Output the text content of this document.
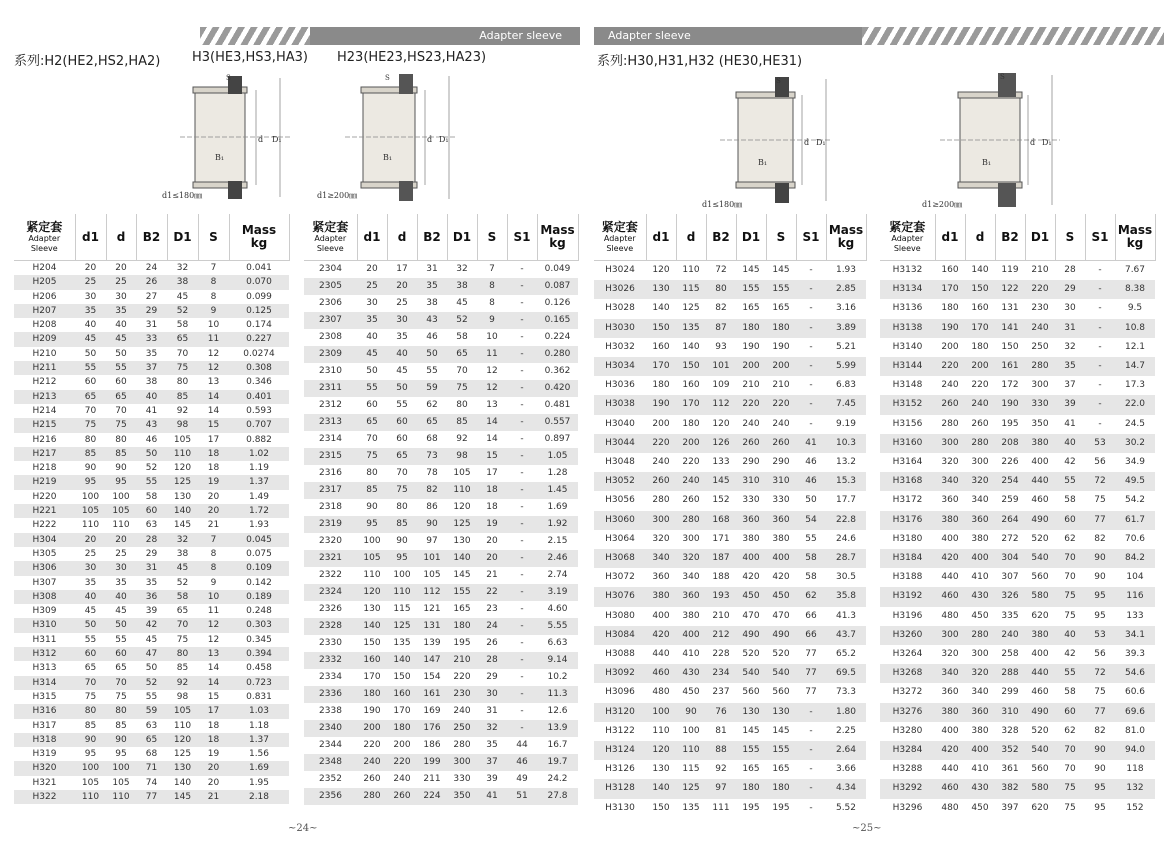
Adapter sleeve	Adapter sleeve
系列:H2(HE2,HS2,HA2) H3(HE3,HS3,HA3) H23(HE23,HS23,HA23)	系列:H30,H31,H32 (HE30,HE31)
d D₁
B₁
S
d1≤180㎜
d D₁
B₁
S
d1≥200㎜
d D₁
B₁
S
d1≤180㎜
d D₁
B₁
S
d1≥200㎜
紧定套
Adapter
Sleeve	d1	d	B2	D1	S	Mass
kg
H204	20	20	24	32	7	0.041
H205	25	25	26	38	8	0.070
H206	30	30	27	45	8	0.099
H207	35	35	29	52	9	0.125
H208	40	40	31	58	10	0.174
H209	45	45	33	65	11	0.227
H210	50	50	35	70	12	0.0274
H211	55	55	37	75	12	0.308
H212	60	60	38	80	13	0.346
H213	65	65	40	85	14	0.401
H214	70	70	41	92	14	0.593
H215	75	75	43	98	15	0.707
H216	80	80	46	105	17	0.882
H217	85	85	50	110	18	1.02
H218	90	90	52	120	18	1.19
H219	95	95	55	125	19	1.37
H220	100	100	58	130	20	1.49
H221	105	105	60	140	20	1.72
H222	110	110	63	145	21	1.93
H304	20	20	28	32	7	0.045
H305	25	25	29	38	8	0.075
H306	30	30	31	45	8	0.109
H307	35	35	35	52	9	0.142
H308	40	40	36	58	10	0.189
H309	45	45	39	65	11	0.248
H310	50	50	42	70	12	0.303
H311	55	55	45	75	12	0.345
H312	60	60	47	80	13	0.394
H313	65	65	50	85	14	0.458
H314	70	70	52	92	14	0.723
H315	75	75	55	98	15	0.831
H316	80	80	59	105	17	1.03
H317	85	85	63	110	18	1.18
H318	90	90	65	120	18	1.37
H319	95	95	68	125	19	1.56
H320	100	100	71	130	20	1.69
H321	105	105	74	140	20	1.95
H322	110	110	77	145	21	2.18
紧定套
Adapter
Sleeve	d1	d	B2	D1	S	S1	Mass
kg
2304	20	17	31	32	7	-	0.049
2305	25	20	35	38	8	-	0.087
2306	30	25	38	45	8	-	0.126
2307	35	30	43	52	9	-	0.165
2308	40	35	46	58	10	-	0.224
2309	45	40	50	65	11	-	0.280
2310	50	45	55	70	12	-	0.362
2311	55	50	59	75	12	-	0.420
2312	60	55	62	80	13	-	0.481
2313	65	60	65	85	14	-	0.557
2314	70	60	68	92	14	-	0.897
2315	75	65	73	98	15	-	1.05
2316	80	70	78	105	17	-	1.28
2317	85	75	82	110	18	-	1.45
2318	90	80	86	120	18	-	1.69
2319	95	85	90	125	19	-	1.92
2320	100	90	97	130	20	-	2.15
2321	105	95	101	140	20	-	2.46
2322	110	100	105	145	21	-	2.74
2324	120	110	112	155	22	-	3.19
2326	130	115	121	165	23	-	4.60
2328	140	125	131	180	24	-	5.55
2330	150	135	139	195	26	-	6.63
2332	160	140	147	210	28	-	9.14
2334	170	150	154	220	29	-	10.2
2336	180	160	161	230	30	-	11.3
2338	190	170	169	240	31	-	12.6
2340	200	180	176	250	32	-	13.9
2344	220	200	186	280	35	44	16.7
2348	240	220	199	300	37	46	19.7
2352	260	240	211	330	39	49	24.2
2356	280	260	224	350	41	51	27.8
紧定套
Adapter
Sleeve	d1	d	B2	D1	S	S1	Mass
kg
H3024	120	110	72	145	145	-	1.93
H3026	130	115	80	155	155	-	2.85
H3028	140	125	82	165	165	-	3.16
H3030	150	135	87	180	180	-	3.89
H3032	160	140	93	190	190	-	5.21
H3034	170	150	101	200	200	-	5.99
H3036	180	160	109	210	210	-	6.83
H3038	190	170	112	220	220	-	7.45
H3040	200	180	120	240	240	-	9.19
H3044	220	200	126	260	260	41	10.3
H3048	240	220	133	290	290	46	13.2
H3052	260	240	145	310	310	46	15.3
H3056	280	260	152	330	330	50	17.7
H3060	300	280	168	360	360	54	22.8
H3064	320	300	171	380	380	55	24.6
H3068	340	320	187	400	400	58	28.7
H3072	360	340	188	420	420	58	30.5
H3076	380	360	193	450	450	62	35.8
H3080	400	380	210	470	470	66	41.3
H3084	420	400	212	490	490	66	43.7
H3088	440	410	228	520	520	77	65.2
H3092	460	430	234	540	540	77	69.5
H3096	480	450	237	560	560	77	73.3
H3120	100	90	76	130	130	-	1.80
H3122	110	100	81	145	145	-	2.25
H3124	120	110	88	155	155	-	2.64
H3126	130	115	92	165	165	-	3.66
H3128	140	125	97	180	180	-	4.34
H3130	150	135	111	195	195	-	5.52
紧定套
Adapter
Sleeve	d1	d	B2	D1	S	S1	Mass
kg
H3132	160	140	119	210	28	-	7.67
H3134	170	150	122	220	29	-	8.38
H3136	180	160	131	230	30	-	9.5
H3138	190	170	141	240	31	-	10.8
H3140	200	180	150	250	32	-	12.1
H3144	220	200	161	280	35	-	14.7
H3148	240	220	172	300	37	-	17.3
H3152	260	240	190	330	39	-	22.0
H3156	280	260	195	350	41	-	24.5
H3160	300	280	208	380	40	53	30.2
H3164	320	300	226	400	42	56	34.9
H3168	340	320	254	440	55	72	49.5
H3172	360	340	259	460	58	75	54.2
H3176	380	360	264	490	60	77	61.7
H3180	400	380	272	520	62	82	70.6
H3184	420	400	304	540	70	90	84.2
H3188	440	410	307	560	70	90	104
H3192	460	430	326	580	75	95	116
H3196	480	450	335	620	75	95	133
H3260	300	280	240	380	40	53	34.1
H3264	320	300	258	400	42	56	39.3
H3268	340	320	288	440	55	72	54.6
H3272	360	340	299	460	58	75	60.6
H3276	380	360	310	490	60	77	69.6
H3280	400	380	328	520	62	82	81.0
H3284	420	400	352	540	70	90	94.0
H3288	440	410	361	560	70	90	118
H3292	460	430	382	580	75	95	132
H3296	480	450	397	620	75	95	152
~24~	~25~
